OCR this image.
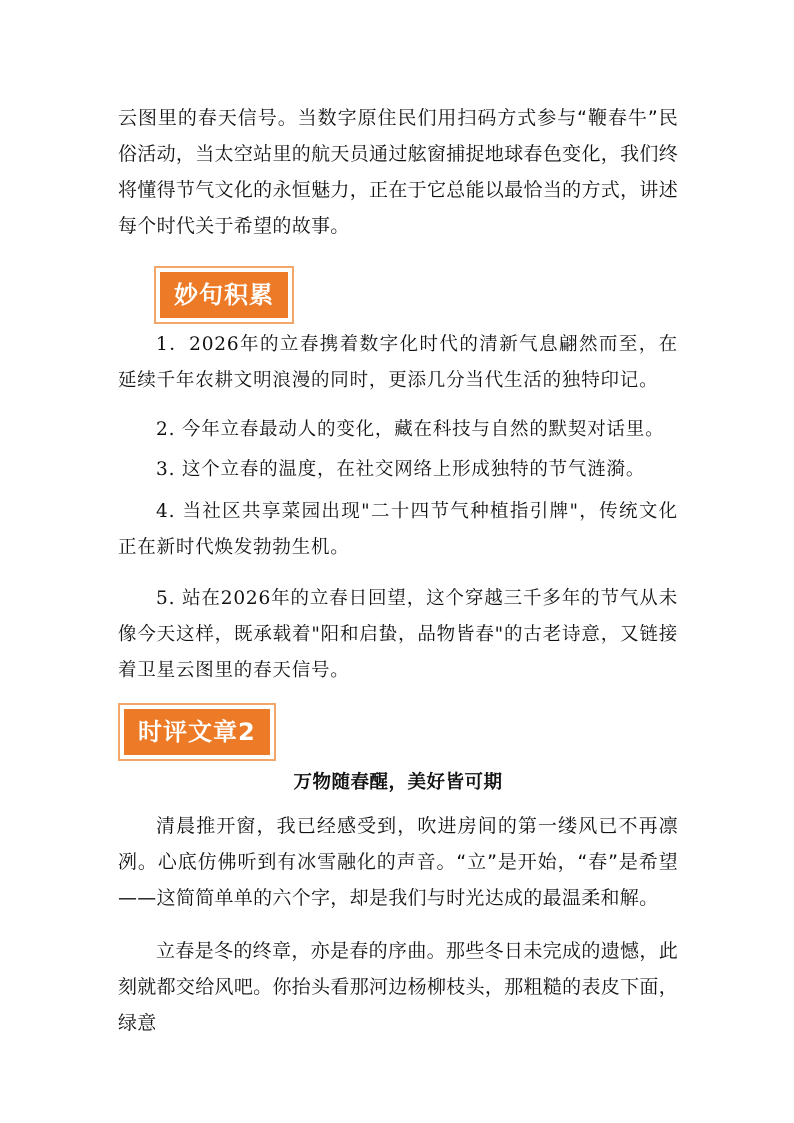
云图里的春天信号。当数字原住民们用扫码方式参与“鞭春牛”民俗活动，当太空站里的航天员通过舷窗捕捉地球春色变化，我们终将懂得节气文化的永恒魅力，正在于它总能以最恰当的方式，讲述每个时代关于希望的故事。

妙句积累

1．2026年的立春携着数字化时代的清新气息翩然而至，在延续千年农耕文明浪漫的同时，更添几分当代生活的独特印记。

2. 今年立春最动人的变化，藏在科技与自然的默契对话里。

3. 这个立春的温度，在社交网络上形成独特的节气涟漪。

4. 当社区共享菜园出现"二十四节气种植指引牌"，传统文化正在新时代焕发勃勃生机。

5. 站在2026年的立春日回望，这个穿越三千多年的节气从未像今天这样，既承载着"阳和启蛰，品物皆春"的古老诗意，又链接着卫星云图里的春天信号。

时评文章2

万物随春醒，美好皆可期

清晨推开窗，我已经感受到，吹进房间的第一缕风已不再凛冽。心底仿佛听到有冰雪融化的声音。“立”是开始，“春”是希望——这简简单单的六个字，却是我们与时光达成的最温柔和解。

立春是冬的终章，亦是春的序曲。那些冬日未完成的遗憾，此刻就都交给风吧。你抬头看那河边杨柳枝头，那粗糙的表皮下面，绿意
